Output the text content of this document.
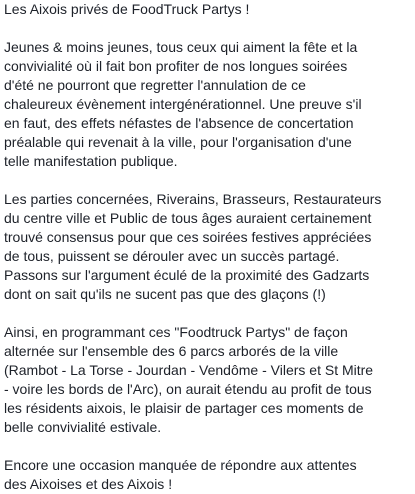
Les Aixois privés de FoodTruck Partys !

Jeunes & moins jeunes, tous ceux qui aiment la fête et la
convivialité où il fait bon profiter de nos longues soirées
d'été ne pourront que regretter l'annulation de ce
chaleureux évènement intergénérationnel. Une preuve s'il
en faut, des effets néfastes de l'absence de concertation
préalable qui revenait à la ville, pour l'organisation d'une
telle manifestation publique.

Les parties concernées, Riverains, Brasseurs, Restaurateurs
du centre ville et Public de tous âges auraient certainement
trouvé consensus pour que ces soirées festives appréciées
de tous, puissent se dérouler avec un succès partagé.
Passons sur l'argument éculé de la proximité des Gadzarts
dont on sait qu'ils ne sucent pas que des glaçons (!)

Ainsi, en programmant ces "Foodtruck Partys" de façon
alternée sur l'ensemble des 6 parcs arborés de la ville
(Rambot - La Torse - Jourdan - Vendôme - Vilers et St Mitre
- voire les bords de l'Arc), on aurait étendu au profit de tous
les résidents aixois, le plaisir de partager ces moments de
belle convivialité estivale.

Encore une occasion manquée de répondre aux attentes
des Aixoises et des Aixois !
